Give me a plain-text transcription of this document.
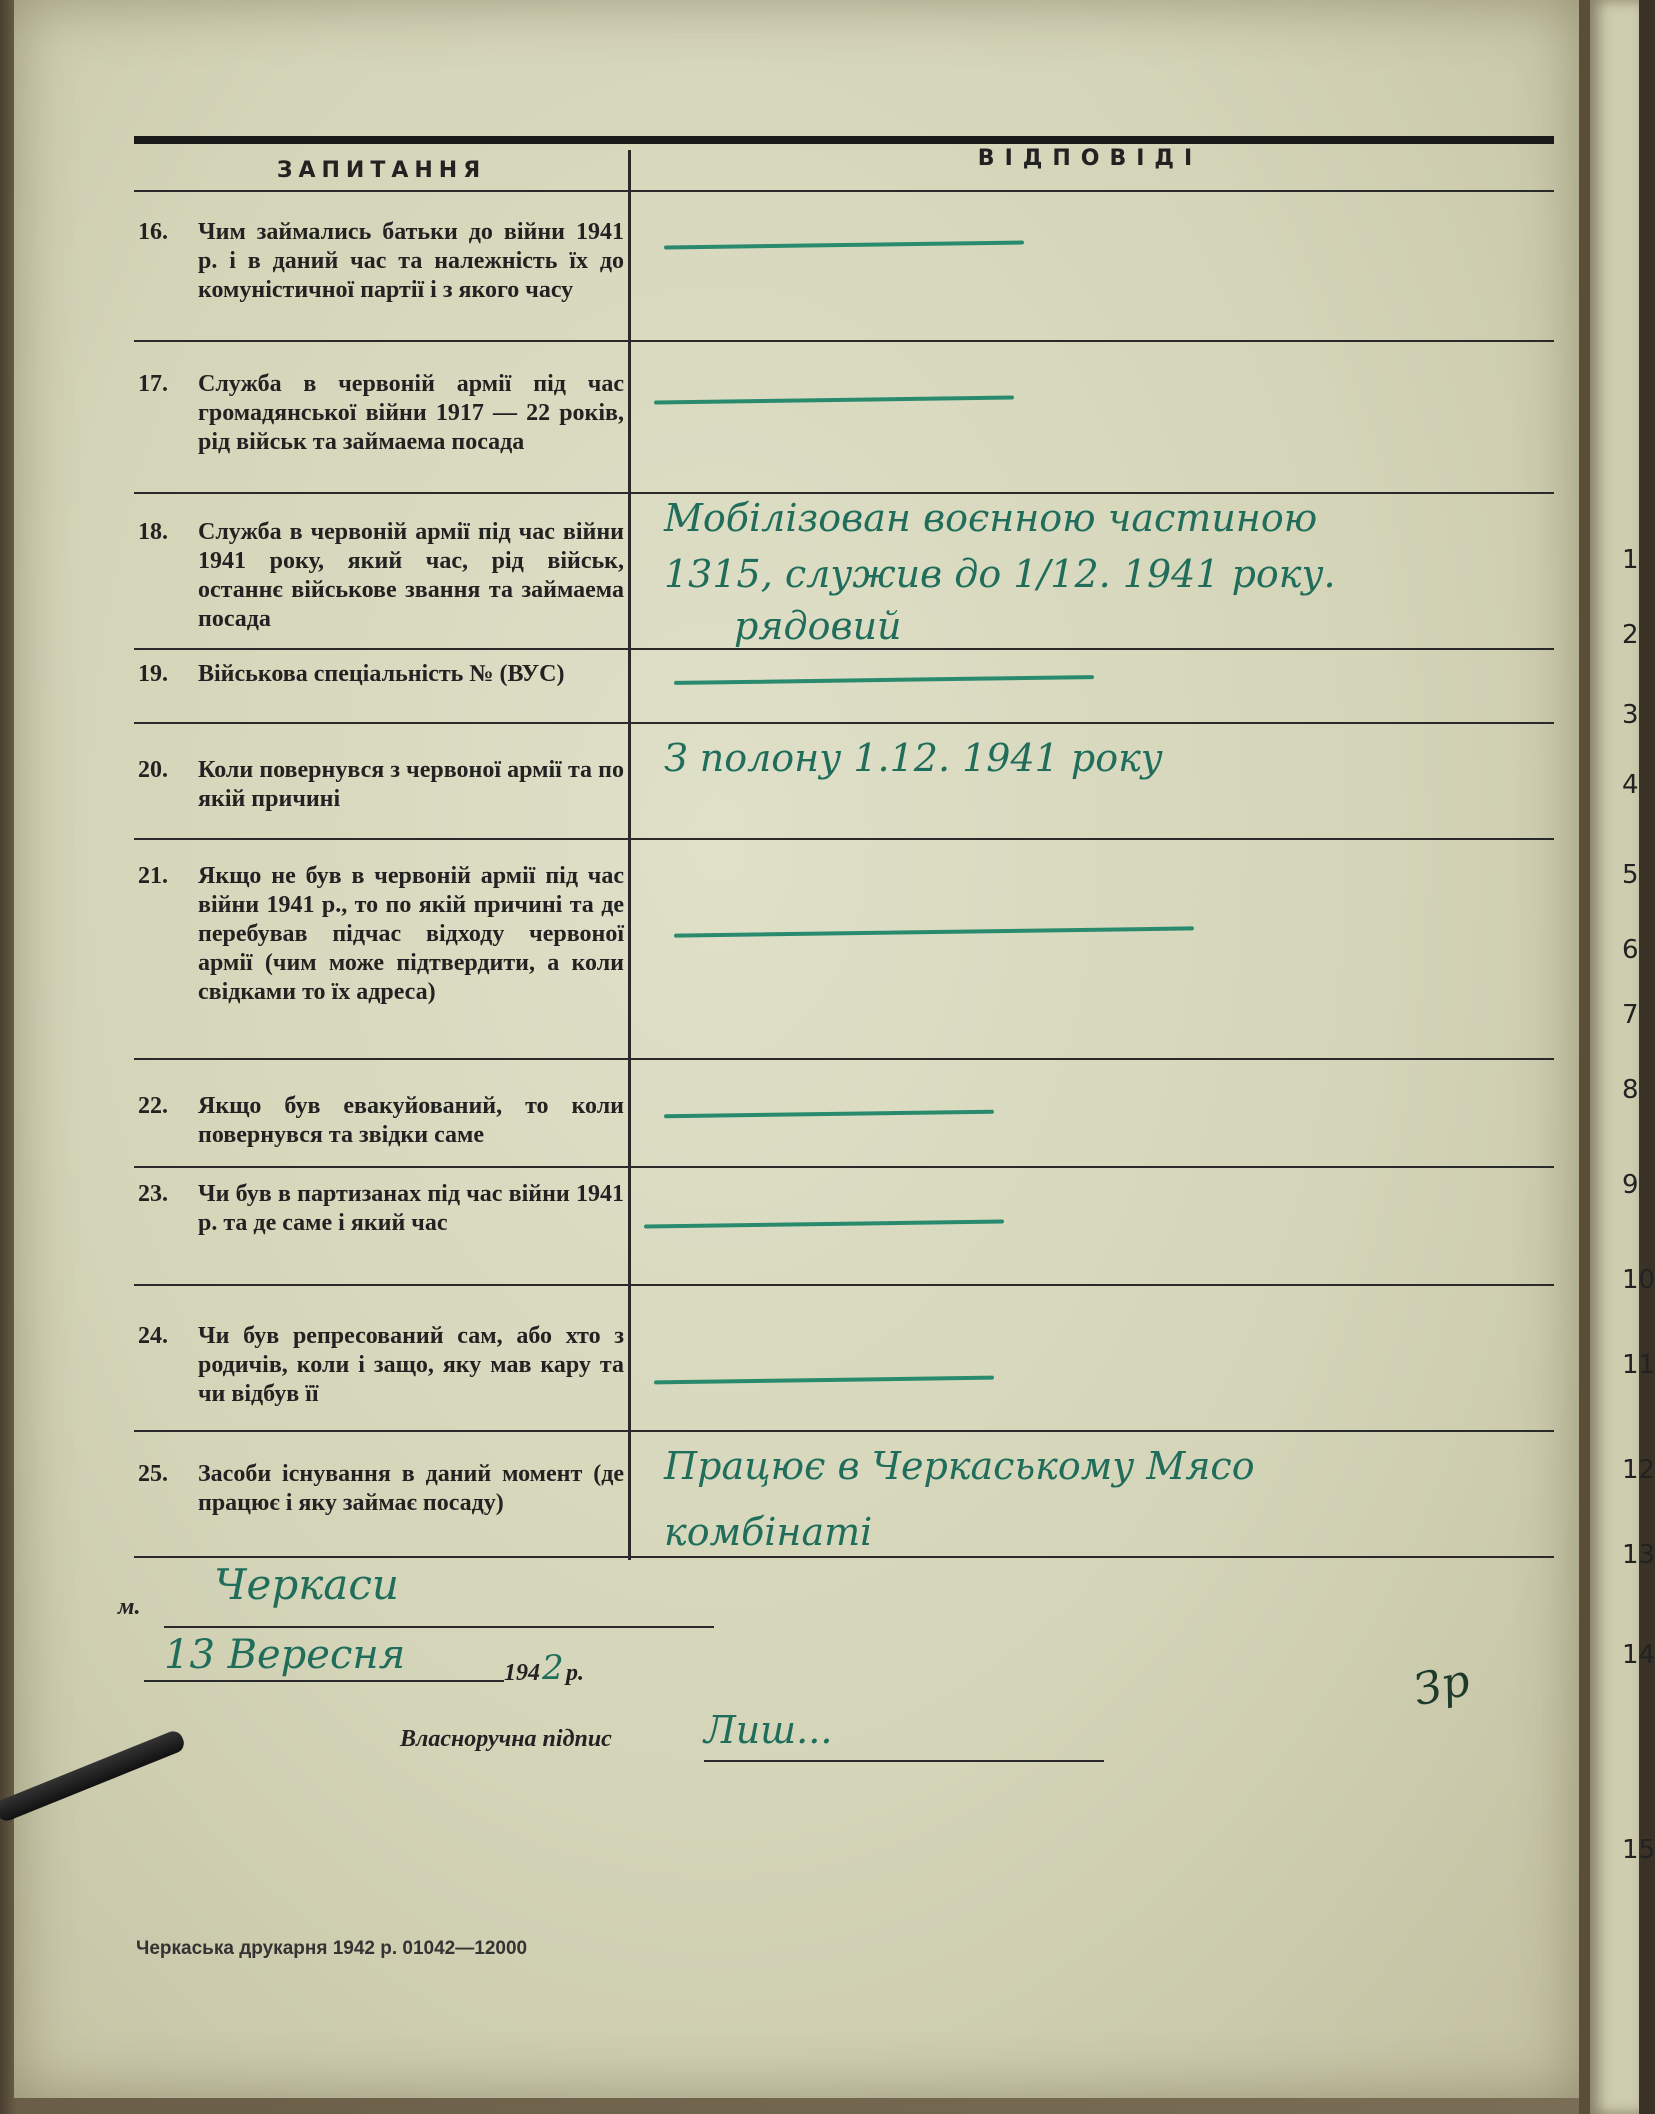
ЗАПИТАННЯ	ВІДПОВІДІ
16. Чим займались батьки до війни 1941 р. і в даний час та належність їх до комуністичної партії і з якого часу
17. Служба в червоній армії під час громадянської війни 1917 — 22 років, рід військ та займаема посада
18. Служба в червоній армії під час війни 1941 року, який час, рід військ, останнє військове звання та займаема посада
19. Військова спеціальність № (ВУС)
20. Коли повернувся з червоної армії та по якій причині
21. Якщо не був в червоній армії під час війни 1941 р., то по якій причині та де перебував підчас відходу червоної армії (чим може підтвердити, а коли свідками то їх адреса)
22. Якщо був евакуйований, то коли повернувся та звідки саме
23. Чи був в партизанах під час війни 1941 р. та де саме і який час
24. Чи був репресований сам, або хто з родичів, коли і защо, яку мав кару та чи відбув її
25. Засоби існування в даний момент (де працює і яку займає посаду)
Мобілізован воєнною частиною
1315, служив до 1/12. 1941 року.
рядовий
З полону 1.12. 1941 року
Працює в Черкаському Мясо
комбінаті
м. Черкаси
13 Вересня	194 2 р.
Власноручна підпис Лиш...
Зр
Черкаська друкарня 1942 р. 01042—12000
1
2
3
4
5
6
7
8
9
10
11
12
13
14
15
